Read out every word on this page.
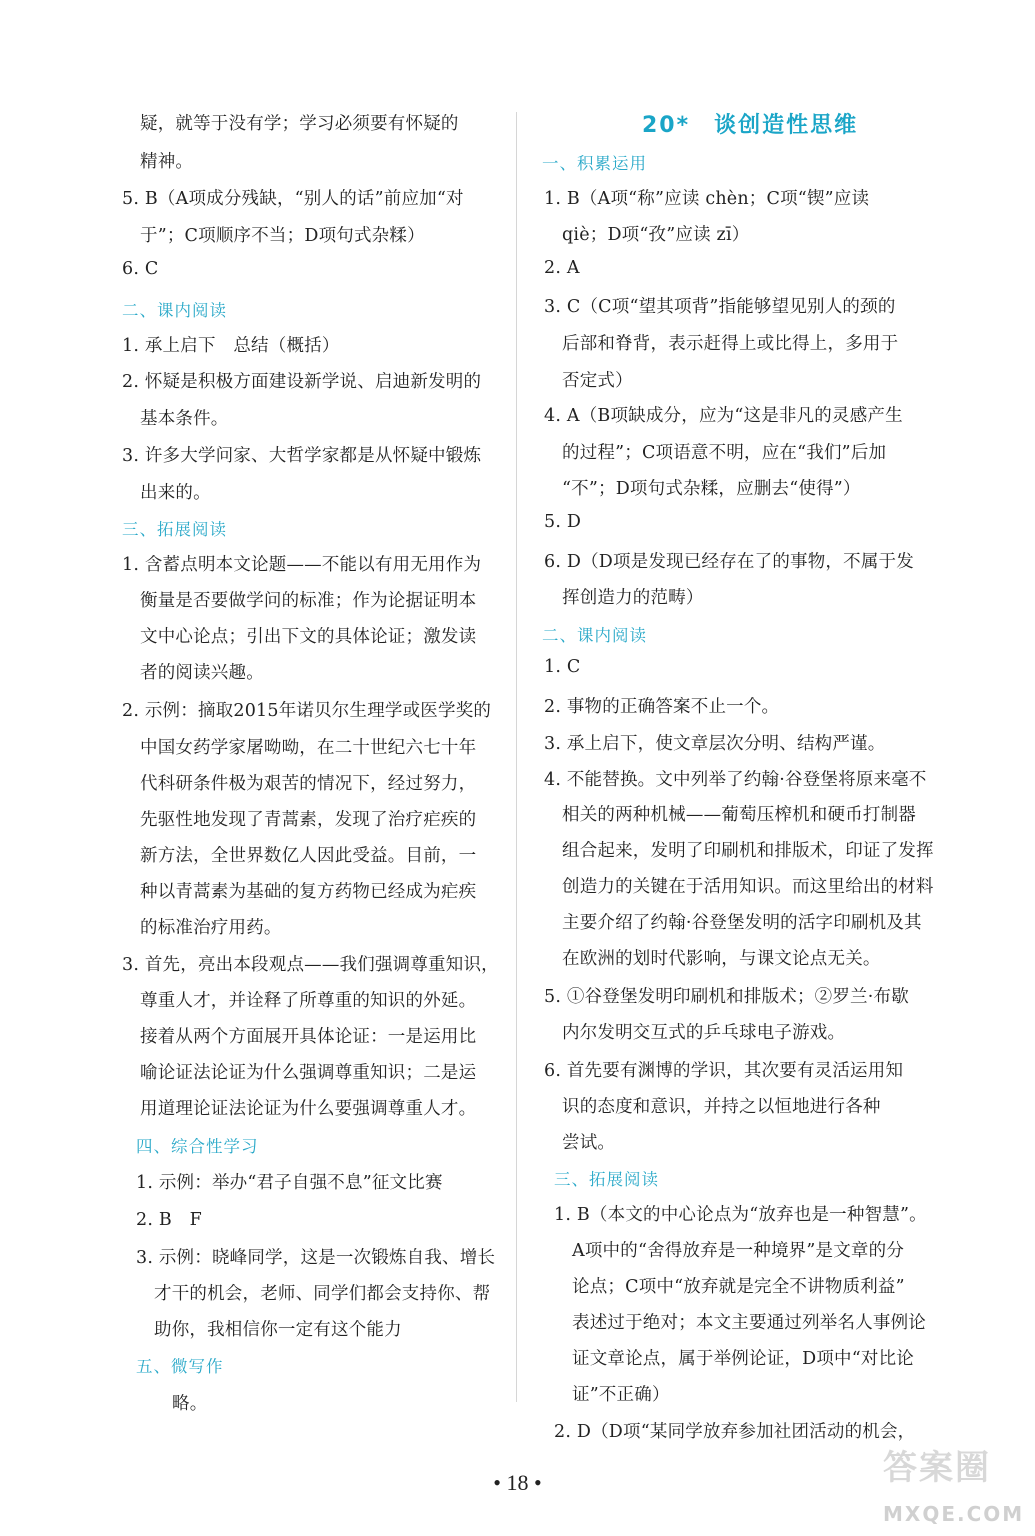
疑，就等于没有学；学习必须要有怀疑的
精神。
5. B（A项成分残缺，“别人的话”前应加“对
于”；C项顺序不当；D项句式杂糅）
6. C
二、课内阅读
1. 承上启下　总结（概括）
2. 怀疑是积极方面建设新学说、启迪新发明的
基本条件。
3. 许多大学问家、大哲学家都是从怀疑中锻炼
出来的。
三、拓展阅读
1. 含蓄点明本文论题——不能以有用无用作为
衡量是否要做学问的标准；作为论据证明本
文中心论点；引出下文的具体论证；激发读
者的阅读兴趣。
2. 示例：摘取2015年诺贝尔生理学或医学奖的
中国女药学家屠呦呦，在二十世纪六七十年
代科研条件极为艰苦的情况下，经过努力，
先驱性地发现了青蒿素，发现了治疗疟疾的
新方法，全世界数亿人因此受益。目前，一
种以青蒿素为基础的复方药物已经成为疟疾
的标准治疗用药。
3. 首先，亮出本段观点——我们强调尊重知识，
尊重人才，并诠释了所尊重的知识的外延。
接着从两个方面展开具体论证：一是运用比
喻论证法论证为什么强调尊重知识；二是运
用道理论证法论证为什么要强调尊重人才。
四、综合性学习
1. 示例：举办“君子自强不息”征文比赛
2. B　F
3. 示例：晓峰同学，这是一次锻炼自我、增长
才干的机会，老师、同学们都会支持你、帮
助你，我相信你一定有这个能力
五、微写作
略。
20*　谈创造性思维
一、积累运用
1. B（A项“称”应读 chèn；C项“锲”应读
qiè；D项“孜”应读 zī）
2. A
3. C（C项“望其项背”指能够望见别人的颈的
后部和脊背，表示赶得上或比得上，多用于
否定式）
4. A（B项缺成分，应为“这是非凡的灵感产生
的过程”；C项语意不明，应在“我们”后加
“不”；D项句式杂糅，应删去“使得”）
5. D
6. D（D项是发现已经存在了的事物，不属于发
挥创造力的范畴）
二、课内阅读
1. C
2. 事物的正确答案不止一个。
3. 承上启下，使文章层次分明、结构严谨。
4. 不能替换。文中列举了约翰·谷登堡将原来毫不
相关的两种机械——葡萄压榨机和硬币打制器
组合起来，发明了印刷机和排版术，印证了发挥
创造力的关键在于活用知识。而这里给出的材料
主要介绍了约翰·谷登堡发明的活字印刷机及其
在欧洲的划时代影响，与课文论点无关。
5. ①谷登堡发明印刷机和排版术；②罗兰·布歇
内尔发明交互式的乒乓球电子游戏。
6. 首先要有渊博的学识，其次要有灵活运用知
识的态度和意识，并持之以恒地进行各种
尝试。
三、拓展阅读
1. B（本文的中心论点为“放弃也是一种智慧”。
A项中的“舍得放弃是一种境界”是文章的分
论点；C项中“放弃就是完全不讲物质利益”
表述过于绝对；本文主要通过列举名人事例论
证文章论点，属于举例论证，D项中“对比论
证”不正确）
2. D（D项“某同学放弃参加社团活动的机会，
• 18 •	答案圈
MXQE.COM
